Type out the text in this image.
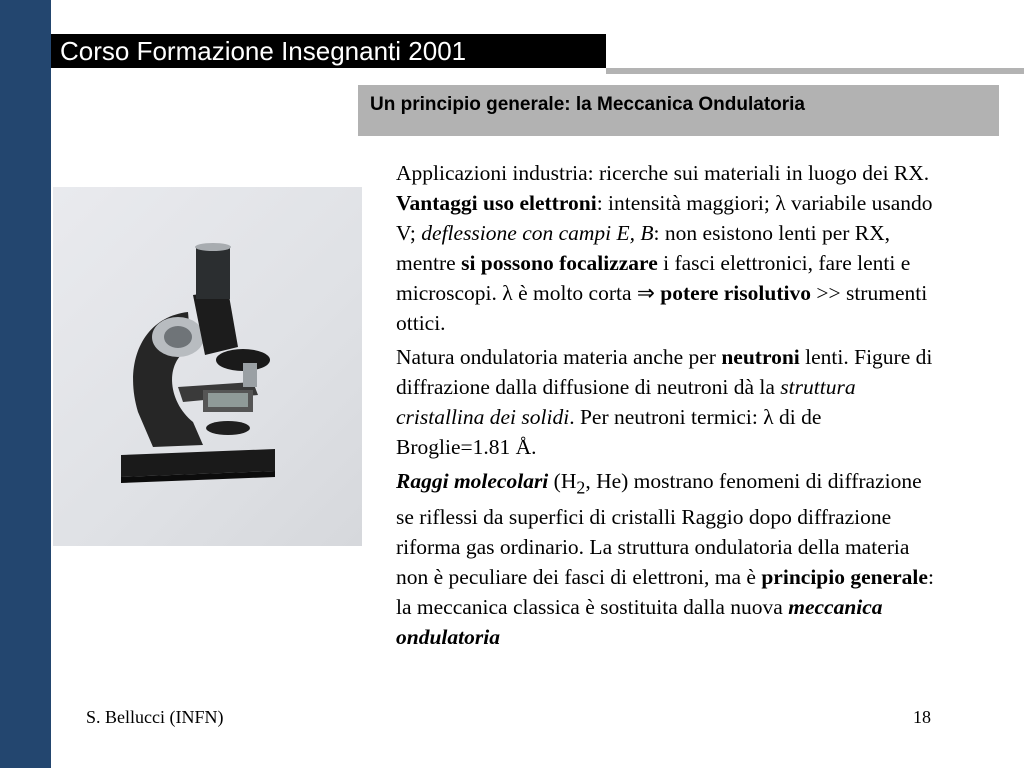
Corso Formazione Insegnanti 2001
Un principio generale: la Meccanica Ondulatoria

Applicazioni industria: ricerche sui materiali in luogo dei RX. Vantaggi uso elettroni: intensità maggiori; λ variabile usando V; deflessione con campi E, B: non esistono lenti per RX, mentre si possono focalizzare i fasci elettronici, fare lenti e microscopi. λ è molto corta ⇒ potere risolutivo >> strumenti ottici.

Natura ondulatoria materia anche per neutroni lenti. Figure di diffrazione dalla diffusione di neutroni dà la struttura cristallina dei solidi. Per neutroni termici: λ di de Broglie=1.81 Å.

Raggi molecolari ($H_2$, He) mostrano fenomeni di diffrazione se riflessi da superfici di cristalli Raggio dopo diffrazione riforma gas ordinario. La struttura ondulatoria della materia non è peculiare dei fasci di elettroni, ma è principio generale: la meccanica classica è sostituita dalla nuova meccanica ondulatoria

S. Bellucci (INFN)	18
